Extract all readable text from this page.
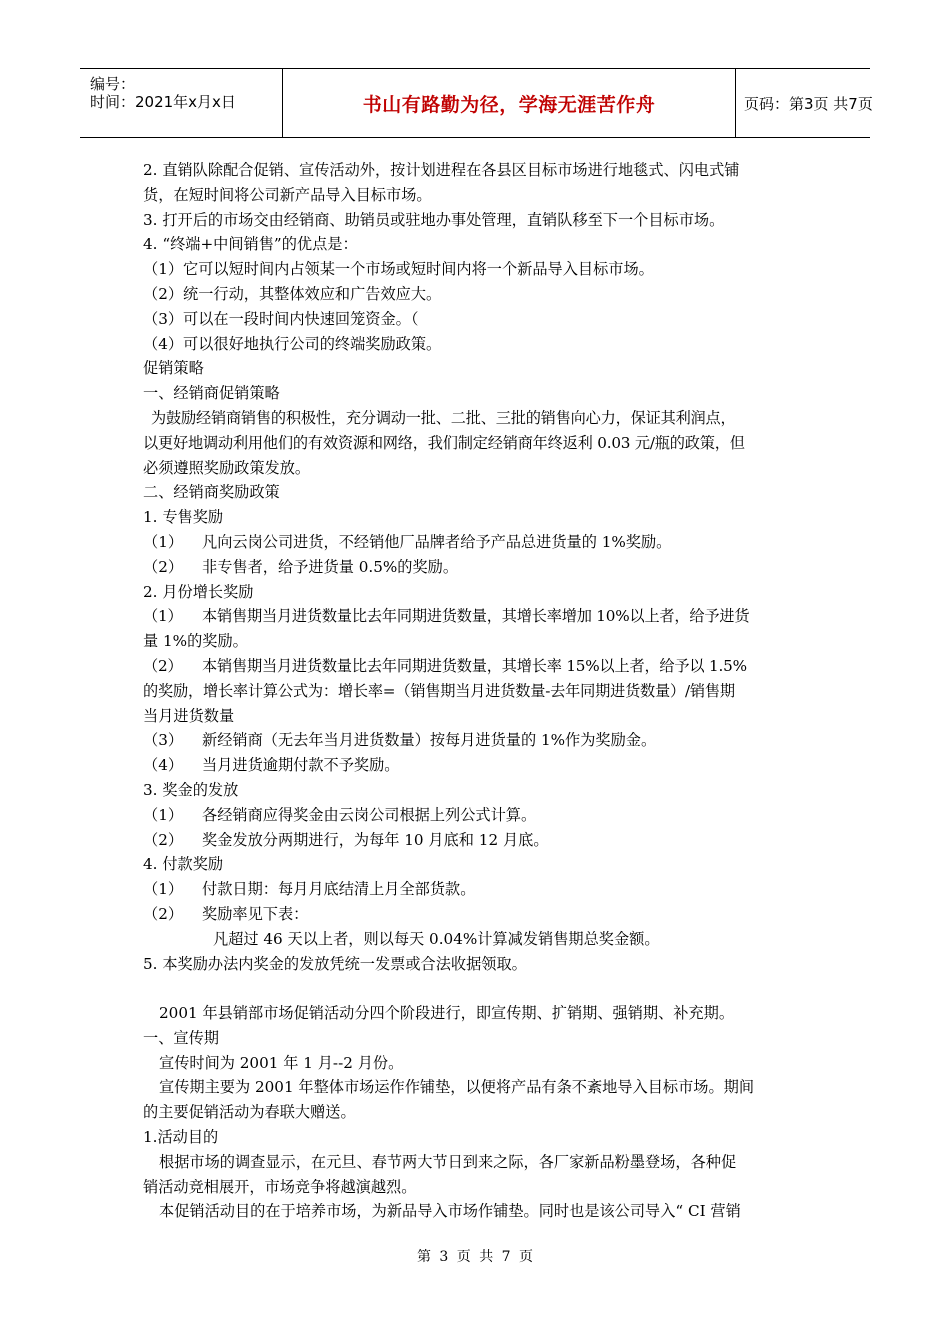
编号：
时间：2021年x月x日	书山有路勤为径，学海无涯苦作舟	页码：第3页 共7页
2. 直销队除配合促销、宣传活动外，按计划进程在各县区目标市场进行地毯式、闪电式铺
货，在短时间将公司新产品导入目标市场。
3. 打开后的市场交由经销商、助销员或驻地办事处管理，直销队移至下一个目标市场。
4. “终端+中间销售”的优点是：
（1）它可以短时间内占领某一个市场或短时间内将一个新品导入目标市场。
（2）统一行动，其整体效应和广告效应大。
（3）可以在一段时间内快速回笼资金。（
（4）可以很好地执行公司的终端奖励政策。
促销策略
一、经销商促销策略
为鼓励经销商销售的积极性，充分调动一批、二批、三批的销售向心力，保证其利润点，
以更好地调动利用他们的有效资源和网络，我们制定经销商年终返利 0.03 元/瓶的政策，但
必须遵照奖励政策发放。
二、经销商奖励政策
1. 专售奖励
（1） 凡向云岗公司进货，不经销他厂品牌者给予产品总进货量的 1%奖励。
（2） 非专售者，给予进货量 0.5%的奖励。
2. 月份增长奖励
（1） 本销售期当月进货数量比去年同期进货数量，其增长率增加 10%以上者，给予进货
量 1%的奖励。
（2） 本销售期当月进货数量比去年同期进货数量，其增长率 15%以上者，给予以 1.5%
的奖励，增长率计算公式为：增长率=（销售期当月进货数量-去年同期进货数量）/销售期
当月进货数量
（3） 新经销商（无去年当月进货数量）按每月进货量的 1%作为奖励金。
（4） 当月进货逾期付款不予奖励。
3. 奖金的发放
（1） 各经销商应得奖金由云岗公司根据上列公式计算。
（2） 奖金发放分两期进行，为每年 10 月底和 12 月底。
4. 付款奖励
（1） 付款日期：每月月底结清上月全部货款。
（2） 奖励率见下表：
凡超过 46 天以上者，则以每天 0.04%计算减发销售期总奖金额。
5. 本奖励办法内奖金的发放凭统一发票或合法收据领取。
2001 年县销部市场促销活动分四个阶段进行，即宣传期、扩销期、强销期、补充期。
一、宣传期
宣传时间为 2001 年 1 月--2 月份。
宣传期主要为 2001 年整体市场运作作铺垫，以便将产品有条不紊地导入目标市场。期间
的主要促销活动为春联大赠送。
1.活动目的
根据市场的调查显示，在元旦、春节两大节日到来之际，各厂家新品粉墨登场，各种促
销活动竞相展开，市场竞争将越演越烈。
本促销活动目的在于培养市场，为新品导入市场作铺垫。同时也是该公司导入“ CI 营销
第 3 页 共 7 页
